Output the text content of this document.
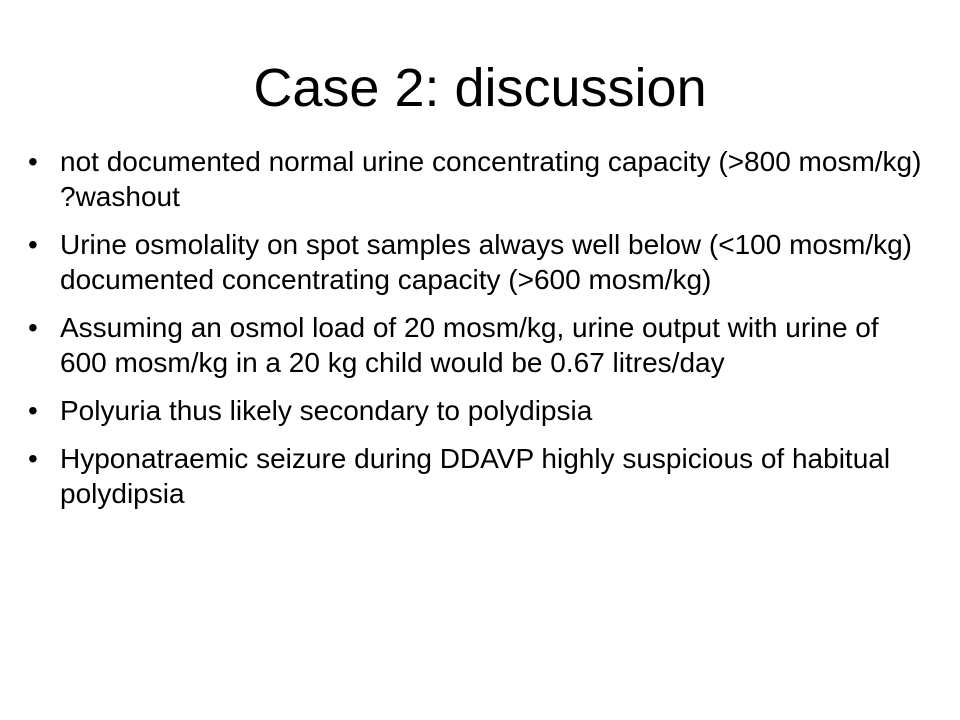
Case 2: discussion
• not documented normal urine concentrating capacity (>800 mosm/kg) ?washout
• Urine osmolality on spot samples always well below (<100 mosm/kg) documented concentrating capacity (>600 mosm/kg)
• Assuming an osmol load of 20 mosm/kg, urine output with urine of 600 mosm/kg in a 20 kg child would be 0.67 litres/day
• Polyuria thus likely secondary to polydipsia
• Hyponatraemic seizure during DDAVP highly suspicious of habitual polydipsia
